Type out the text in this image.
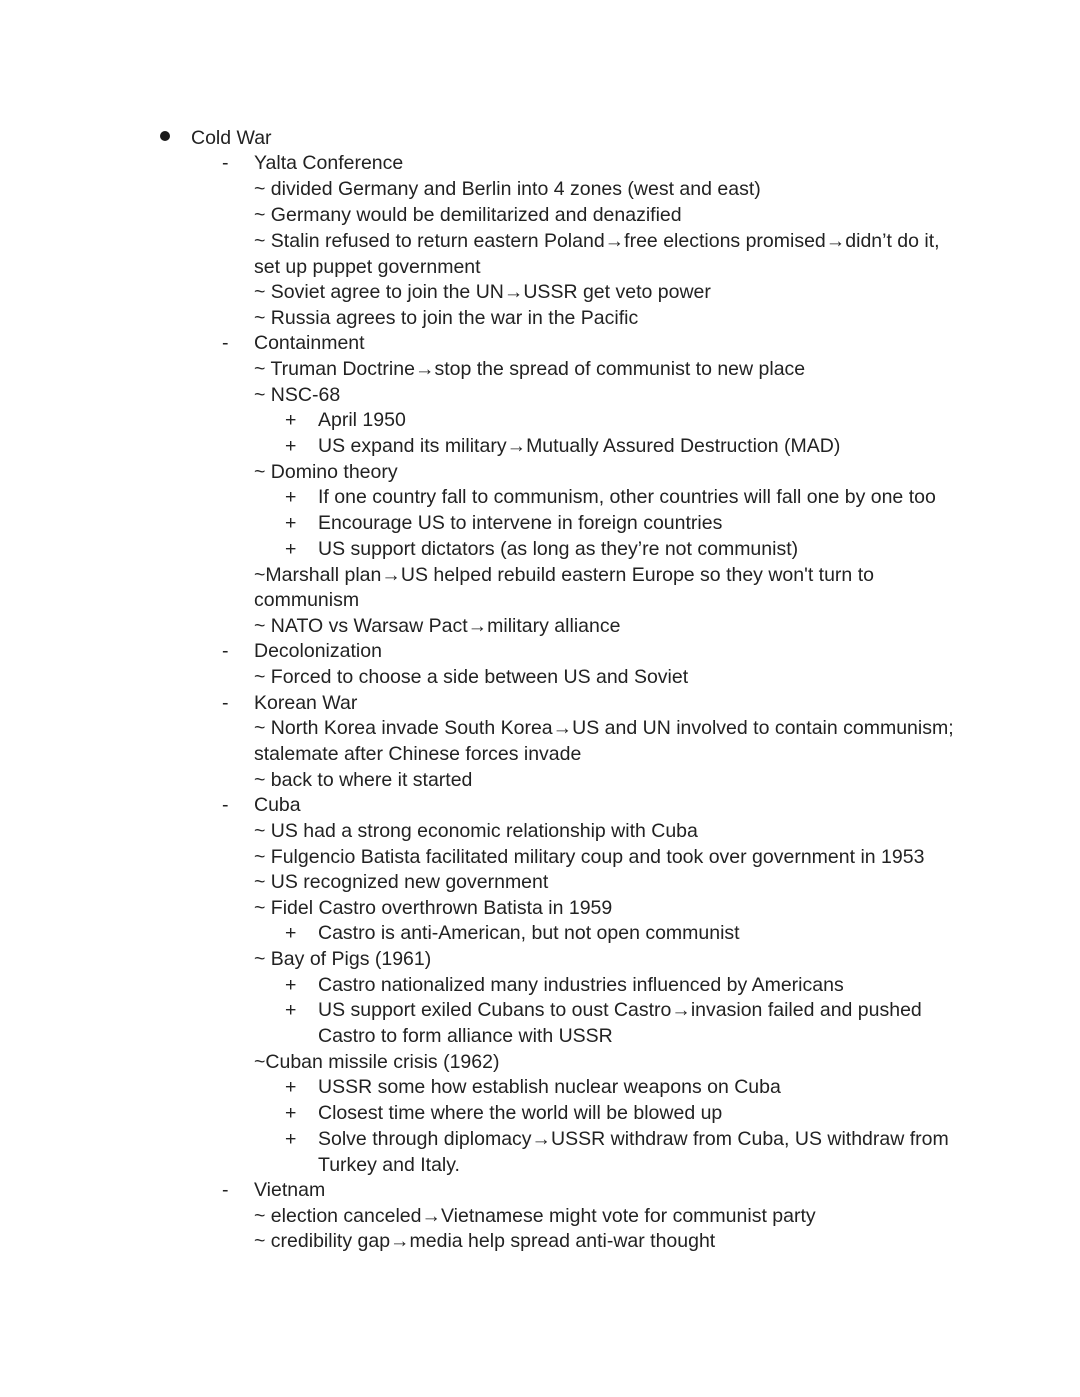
Cold War
- Yalta Conference
~ divided Germany and Berlin into 4 zones (west and east)
~ Germany would be demilitarized and denazified
~ Stalin refused to return eastern Poland→free elections promised→didn’t do it,
set up puppet government
~ Soviet agree to join the UN→USSR get veto power
~ Russia agrees to join the war in the Pacific
- Containment
~ Truman Doctrine→stop the spread of communist to new place
~ NSC-68
+ April 1950
+ US expand its military→Mutually Assured Destruction (MAD)
~ Domino theory
+ If one country fall to communism, other countries will fall one by one too
+ Encourage US to intervene in foreign countries
+ US support dictators (as long as they’re not communist)
~Marshall plan→US helped rebuild eastern Europe so they won't turn to
communism
~ NATO vs Warsaw Pact→military alliance
- Decolonization
~ Forced to choose a side between US and Soviet
- Korean War
~ North Korea invade South Korea→US and UN involved to contain communism;
stalemate after Chinese forces invade
~ back to where it started
- Cuba
~ US had a strong economic relationship with Cuba
~ Fulgencio Batista facilitated military coup and took over government in 1953
~ US recognized new government
~ Fidel Castro overthrown Batista in 1959
+ Castro is anti-American, but not open communist
~ Bay of Pigs (1961)
+ Castro nationalized many industries influenced by Americans
+ US support exiled Cubans to oust Castro→invasion failed and pushed
Castro to form alliance with USSR
~Cuban missile crisis (1962)
+ USSR some how establish nuclear weapons on Cuba
+ Closest time where the world will be blowed up
+ Solve through diplomacy→USSR withdraw from Cuba, US withdraw from
Turkey and Italy.
- Vietnam
~ election canceled→Vietnamese might vote for communist party
~ credibility gap→media help spread anti-war thought
